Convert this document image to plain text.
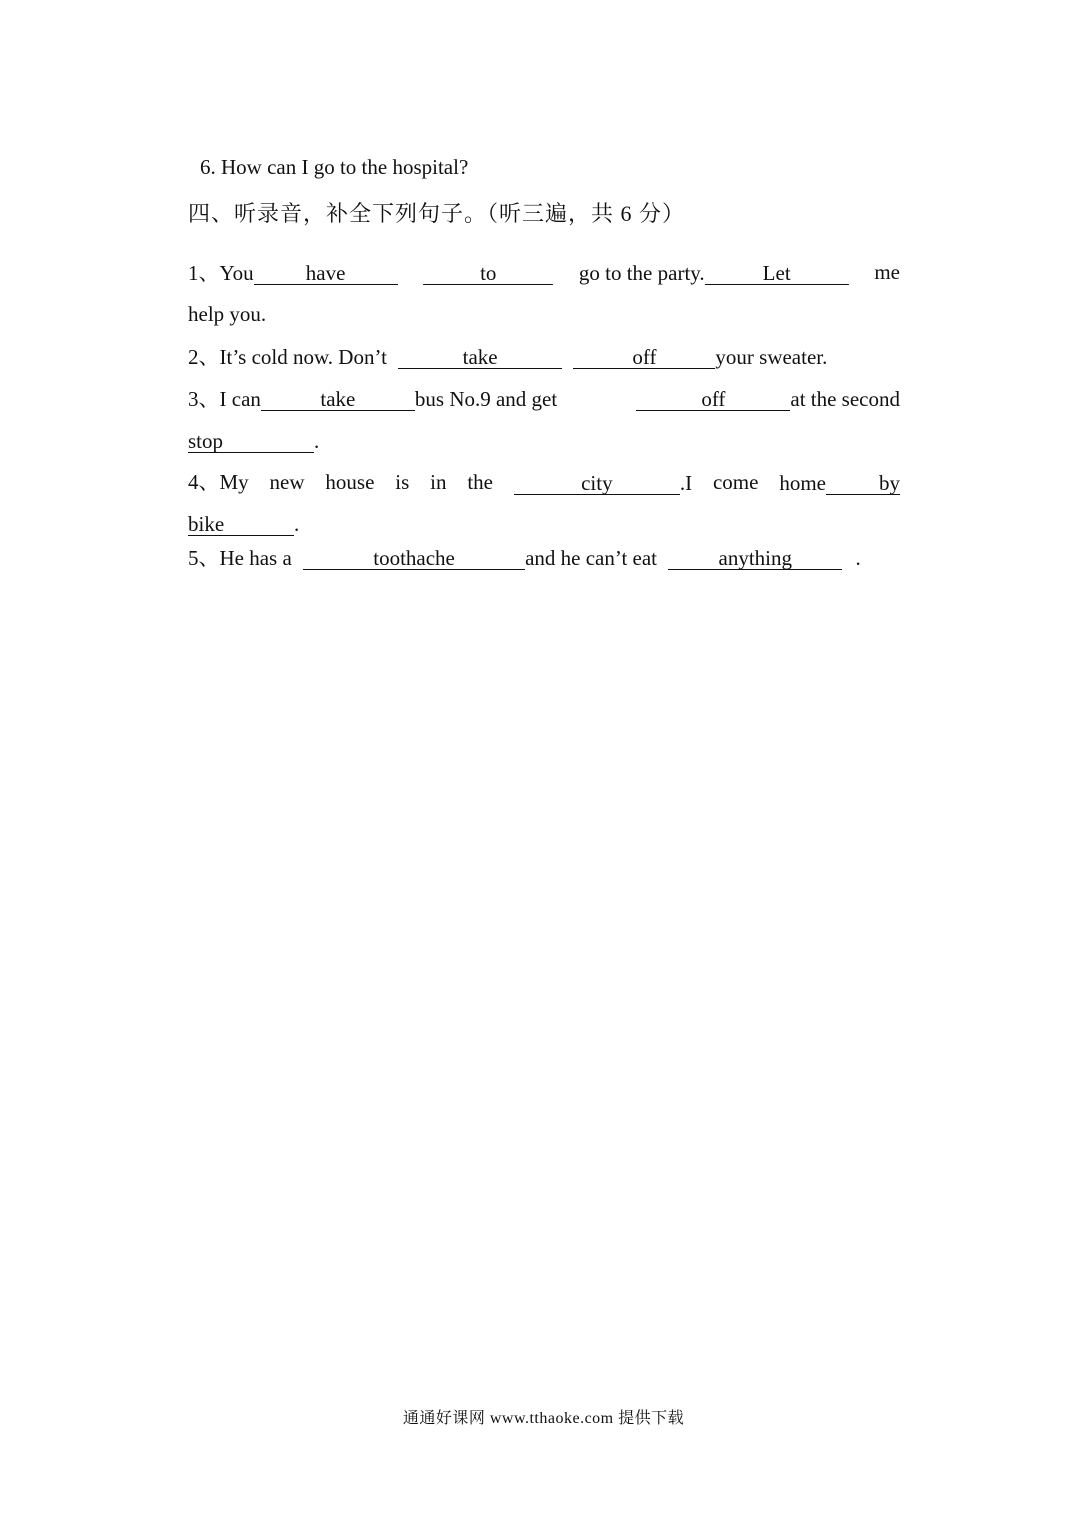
6. How can I go to the hospital?
四、听录音，补全下列句子。（听三遍，共 6 分）
1、You have	to	go to the party.	Let	me
help you.
2、It’s cold now. Don’t	take	off	your sweater.
3、I can	take	bus No.9 and get	off	at the second
stop	.
4、My new house is in the	city	.I come home	by
bike	.
5、He has a	toothache	and he can’t eat	anything	.
通通好课网 www.tthaoke.com 提供下载
